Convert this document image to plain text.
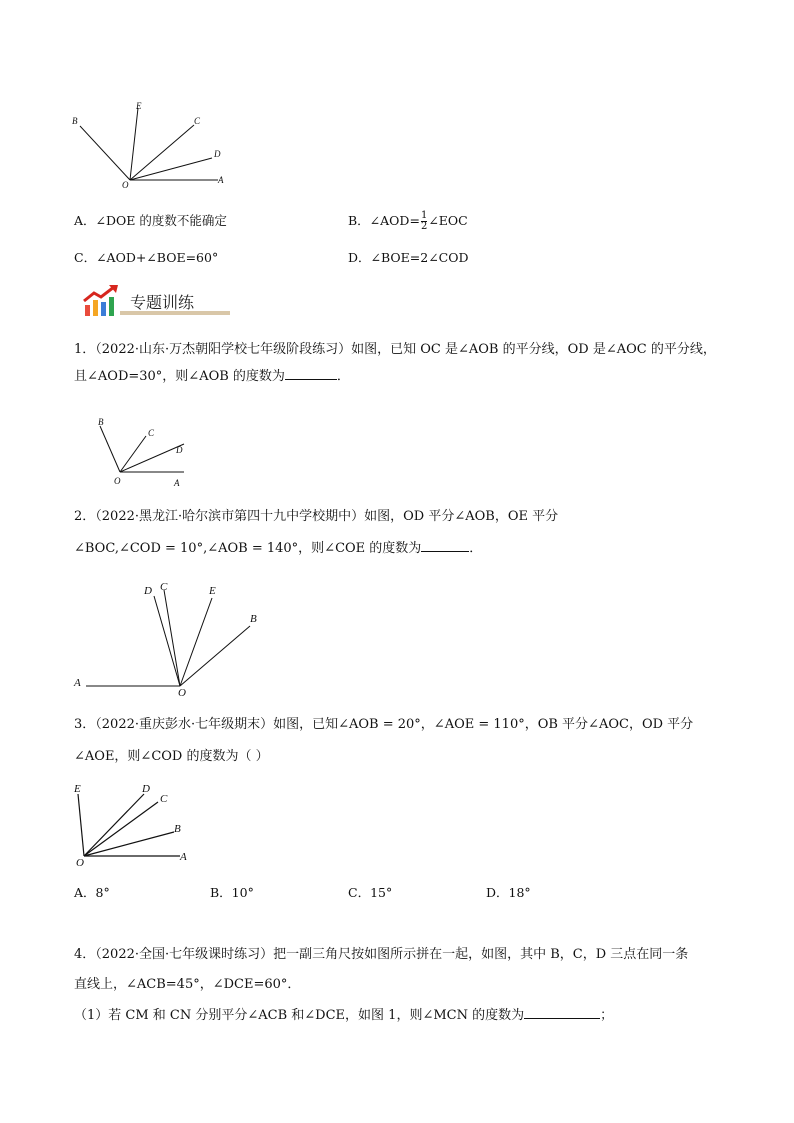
B
E
C
D
O	A
A．∠DOE 的度数不能确定	B．∠AOD= $\frac{1}{2}$ ∠EOC
C．∠AOD+∠BOE=60°	D．∠BOE=2∠COD
专题训练
1．（2022·山东·万杰朝阳学校七年级阶段练习）如图，已知 OC 是∠AOB 的平分线，OD 是∠AOC 的平分线，
且∠AOD=30°，则∠AOB 的度数为	．
B
C
D
O	A
2．（2022·黑龙江·哈尔滨市第四十九中学校期中）如图，OD 平分∠AOB，OE 平分
∠BOC,∠COD = 10°,∠AOB = 140°，则∠COE 的度数为	．
D C	E
B
A
O
3．（2022·重庆彭水·七年级期末）如图，已知∠AOB = 20°，∠AOE = 110°，OB 平分∠AOC，OD 平分
∠AOE，则∠COD 的度数为（ ）
E	D
C
B
O	A
A．8°	B．10°	C．15°	D．18°
4．（2022·全国·七年级课时练习）把一副三角尺按如图所示拼在一起，如图，其中 B，C，D 三点在同一条
直线上，∠ACB=45°，∠DCE=60°．
（1）若 CM 和 CN 分别平分∠ACB 和∠DCE，如图 1，则∠MCN 的度数为	；
